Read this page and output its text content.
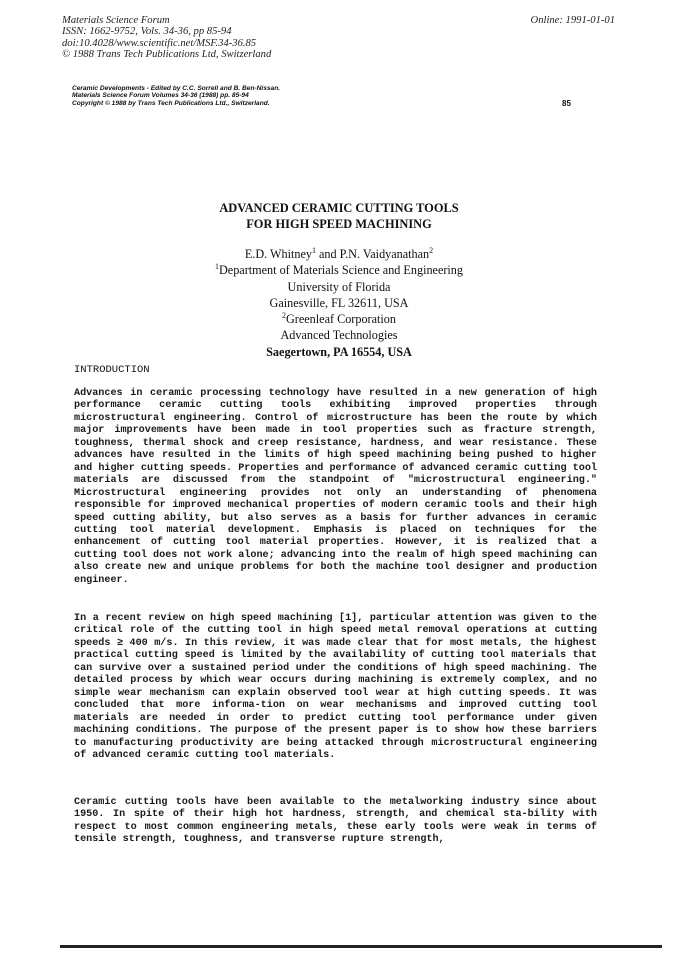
Materials Science Forum
ISSN: 1662-9752, Vols. 34-36, pp 85-94
doi:10.4028/www.scientific.net/MSF.34-36.85
© 1988 Trans Tech Publications Ltd, Switzerland
Online: 1991-01-01
Ceramic Developments - Edited by C.C. Sorrell and B. Ben-Nissan.
Materials Science Forum Volumes 34-36 (1988) pp. 85-94
Copyright © 1988 by Trans Tech Publications Ltd., Switzerland.	85
ADVANCED CERAMIC CUTTING TOOLS
FOR HIGH SPEED MACHINING
E.D. Whitney$^1$ and P.N. Vaidyanathan$^2$
$^1$Department of Materials Science and Engineering
University of Florida
Gainesville, FL 32611, USA
$^2$Greenleaf Corporation
Advanced Technologies
Saegertown, PA 16554, USA
INTRODUCTION

Advances in ceramic processing technology have resulted in a new generation of high performance ceramic cutting tools exhibiting improved properties through microstructural engineering. Control of microstructure has been the route by which major improvements have been made in tool properties such as fracture strength, toughness, thermal shock and creep resistance, hardness, and wear resistance. These advances have resulted in the limits of high speed machining being pushed to higher and higher cutting speeds. Properties and performance of advanced ceramic cutting tool materials are discussed from the standpoint of "microstructural engineering." Microstructural engineering provides not only an understanding of phenomena responsible for improved mechanical properties of modern ceramic tools and their high speed cutting ability, but also serves as a basis for further advances in ceramic cutting tool material development. Emphasis is placed on techniques for the enhancement of cutting tool material properties. However, it is realized that a cutting tool does not work alone; advancing into the realm of high speed machining can also create new and unique problems for both the machine tool designer and production engineer.

In a recent review on high speed machining [1], particular attention was given to the critical role of the cutting tool in high speed metal removal operations at cutting speeds ≥ 400 m/s. In this review, it was made clear that for most metals, the highest practical cutting speed is limited by the availability of cutting tool materials that can survive over a sustained period under the conditions of high speed machining. The detailed process by which wear occurs during machining is extremely complex, and no simple wear mechanism can explain observed tool wear at high cutting speeds. It was concluded that more informa-tion on wear mechanisms and improved cutting tool materials are needed in order to predict cutting tool performance under given machining conditions. The purpose of the present paper is to show how these barriers to manufacturing productivity are being attacked through microstructural engineering of advanced ceramic cutting tool materials.

Ceramic cutting tools have been available to the metalworking industry since about 1950. In spite of their high hot hardness, strength, and chemical sta-bility with respect to most common engineering metals, these early tools were weak in terms of tensile strength, toughness, and transverse rupture strength,
